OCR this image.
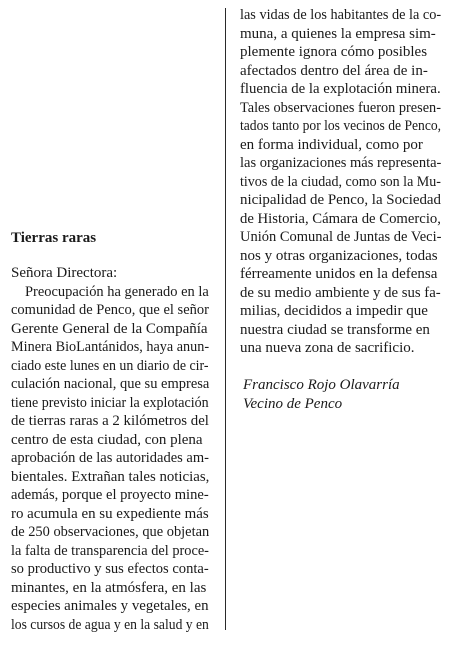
Tierras raras
Señora Directora:
Preocupación ha generado en la
comunidad de Penco, que el señor
Gerente General de la Compañía
Minera BioLantánidos, haya anun-
ciado este lunes en un diario de cir-
culación nacional, que su empresa
tiene previsto iniciar la explotación
de tierras raras a 2 kilómetros del
centro de esta ciudad, con plena
aprobación de las autoridades am-
bientales. Extrañan tales noticias,
además, porque el proyecto mine-
ro acumula en su expediente más
de 250 observaciones, que objetan
la falta de transparencia del proce-
so productivo y sus efectos conta-
minantes, en la atmósfera, en las
especies animales y vegetales, en
los cursos de agua y en la salud y en
las vidas de los habitantes de la co-
muna, a quienes la empresa sim-
plemente ignora cómo posibles
afectados dentro del área de in-
fluencia de la explotación minera.
Tales observaciones fueron presen-
tados tanto por los vecinos de Penco,
en forma individual, como por
las organizaciones más representa-
tivos de la ciudad, como son la Mu-
nicipalidad de Penco, la Sociedad
de Historia, Cámara de Comercio,
Unión Comunal de Juntas de Veci-
nos y otras organizaciones, todas
férreamente unidos en la defensa
de su medio ambiente y de sus fa-
milias, decididos a impedir que
nuestra ciudad se transforme en
una nueva zona de sacrificio.
Francisco Rojo Olavarría
Vecino de Penco
